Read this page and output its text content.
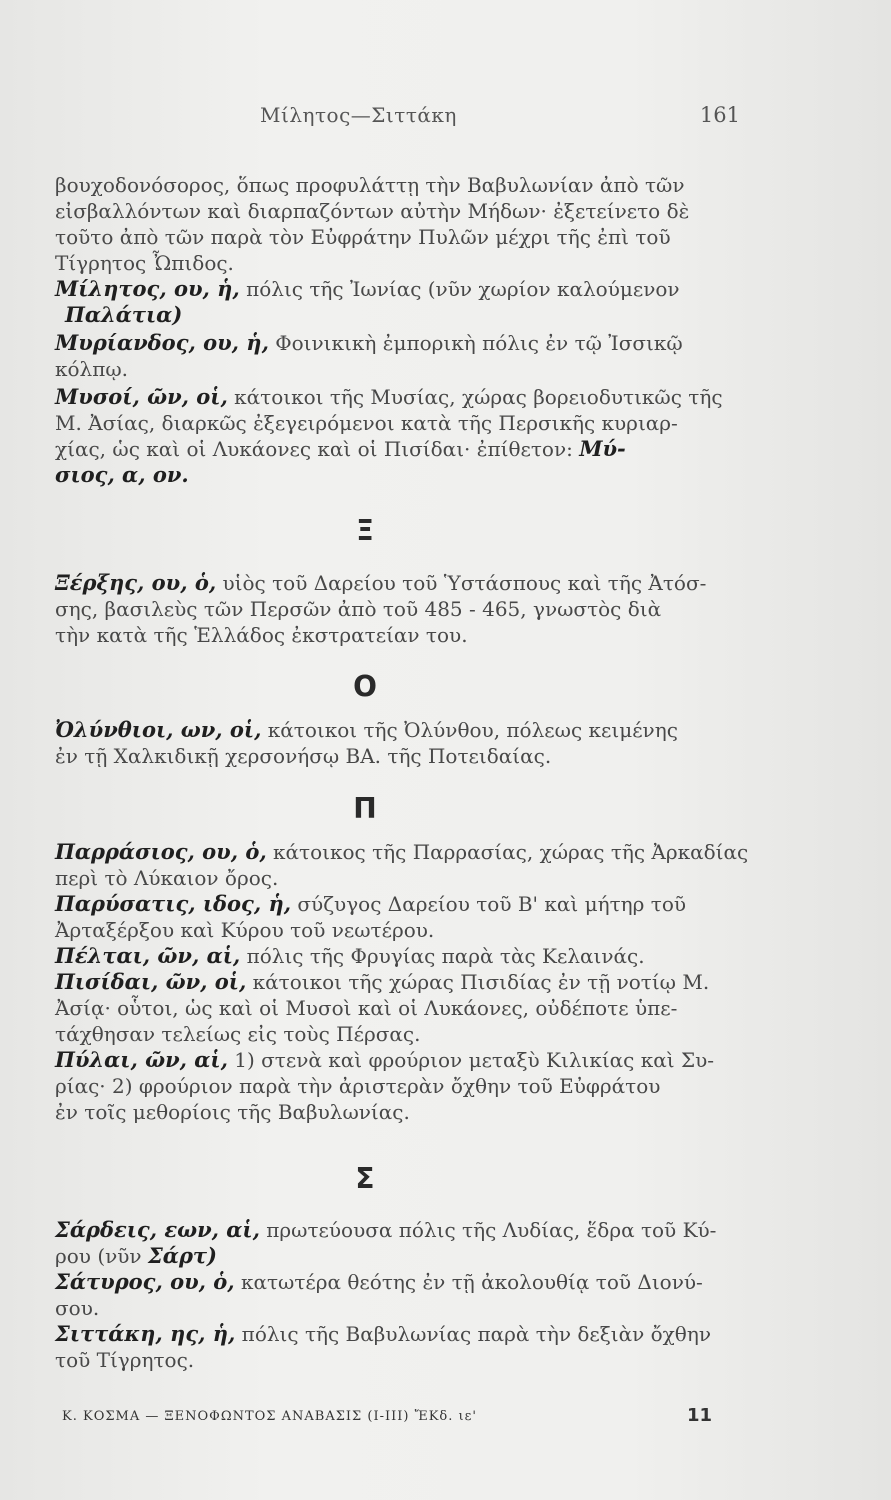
Μίλητος—Σιττάκη	161
βουχοδονόσορος, ὅπως προφυλάττῃ τὴν Βαβυλωνίαν ἀπὸ τῶν
εἰσβαλλόντων καὶ διαρπαζόντων αὐτὴν Μήδων· ἐξετείνετο δὲ
τοῦτο ἀπὸ τῶν παρὰ τὸν Εὐφράτην Πυλῶν μέχρι τῆς ἐπὶ τοῦ
Τίγρητος Ὦπιδος.
Μίλητος, ου, ἡ, πόλις τῆς Ἰωνίας (νῦν χωρίον καλούμενον
Παλάτια)
Μυρίανδος, ου, ἡ, Φοινικικὴ ἐμπορικὴ πόλις ἐν τῷ Ἰσσικῷ
κόλπῳ.
Μυσοί, ῶν, οἱ, κάτοικοι τῆς Μυσίας, χώρας βορειοδυτικῶς τῆς
Μ. Ἀσίας, διαρκῶς ἐξεγειρόμενοι κατὰ τῆς Περσικῆς κυριαρ-
χίας, ὡς καὶ οἱ Λυκάονες καὶ οἱ Πισίδαι· ἐπίθετον: Μύ-
σιος, α, ον.
Ξ
Ξέρξης, ου, ὁ, υἱὸς τοῦ Δαρείου τοῦ Ὑστάσπους καὶ τῆς Ἀτόσ-
σης, βασιλεὺς τῶν Περσῶν ἀπὸ τοῦ 485 - 465, γνωστὸς διὰ
τὴν κατὰ τῆς Ἑλλάδος ἐκστρατείαν του.
Ο
Ὀλύνθιοι, ων, οἱ, κάτοικοι τῆς Ὀλύνθου, πόλεως κειμένης
ἐν τῇ Χαλκιδικῇ χερσονήσῳ ΒΑ. τῆς Ποτειδαίας.
Π
Παρράσιος, ου, ὁ, κάτοικος τῆς Παρρασίας, χώρας τῆς Ἀρκαδίας
περὶ τὸ Λύκαιον ὄρος.
Παρύσατις, ιδος, ἡ, σύζυγος Δαρείου τοῦ Β' καὶ μήτηρ τοῦ
Ἀρταξέρξου καὶ Κύρου τοῦ νεωτέρου.
Πέλται, ῶν, αἱ, πόλις τῆς Φρυγίας παρὰ τὰς Κελαινάς.
Πισίδαι, ῶν, οἱ, κάτοικοι τῆς χώρας Πισιδίας ἐν τῇ νοτίῳ Μ.
Ἀσίᾳ· οὗτοι, ὡς καὶ οἱ Μυσοὶ καὶ οἱ Λυκάονες, οὐδέποτε ὑπε-
τάχθησαν τελείως εἰς τοὺς Πέρσας.
Πύλαι, ῶν, αἱ, 1) στενὰ καὶ φρούριον μεταξὺ Κιλικίας καὶ Συ-
ρίας· 2) φρούριον παρὰ τὴν ἀριστερὰν ὄχθην τοῦ Εὐφράτου
ἐν τοῖς μεθορίοις τῆς Βαβυλωνίας.
Σ
Σάρδεις, εων, αἱ, πρωτεύουσα πόλις τῆς Λυδίας, ἕδρα τοῦ Κύ-
ρου (νῦν Σάρτ)
Σάτυρος, ου, ὁ, κατωτέρα θεότης ἐν τῇ ἀκολουθίᾳ τοῦ Διονύ-
σου.
Σιττάκη, ης, ἡ, πόλις τῆς Βαβυλωνίας παρὰ τὴν δεξιὰν ὄχθην
τοῦ Τίγρητος.
Κ. ΚΟΣΜΑ — ΞΕΝΟΦΩΝΤΟΣ ΑΝΑΒΑΣΙΣ (I-III) ἜΚδ. ιε'	11
